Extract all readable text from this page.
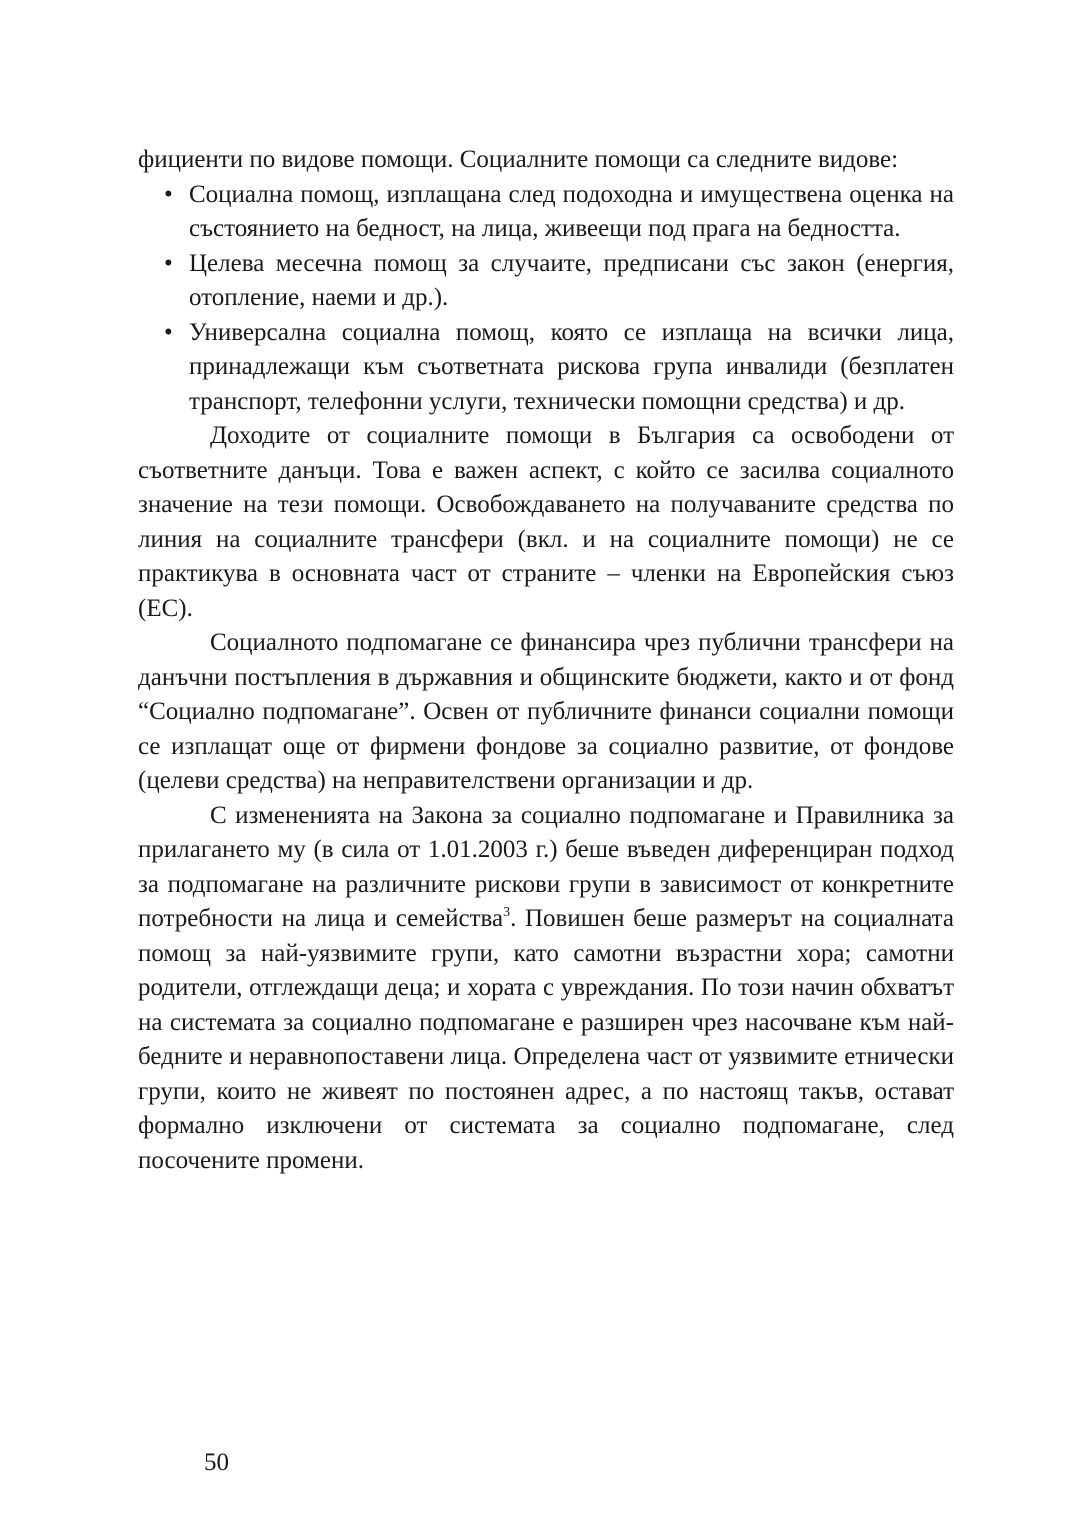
фициенти по видове помощи. Социалните помощи са следните видове:

• Социална помощ, изплащана след подоходна и имуществена оценка на състоянието на бедност, на лица, живеещи под прага на бедността.
• Целева месечна помощ за случаите, предписани със закон (енергия, отопление, наеми и др.).
• Универсална социална помощ, която се изплаща на всички лица, принадлежащи към съответната рискова група инвалиди (безплатен транспорт, телефонни услуги, технически помощни средства) и др.

Доходите от социалните помощи в България са освободени от съответните данъци. Това е важен аспект, с който се засилва социалното значение на тези помощи. Освобождаването на получаваните средства по линия на социалните трансфери (вкл. и на социалните помощи) не се практикува в основната част от страните – членки на Европейския съюз (ЕС).

Социалното подпомагане се финансира чрез публични трансфери на данъчни постъпления в държавния и общинските бюджети, както и от фонд “Социално подпомагане”. Освен от публичните финанси социални помощи се изплащат още от фирмени фондове за социално развитие, от фондове (целеви средства) на неправителствени организации и др.

С измененията на Закона за социално подпомагане и Правилника за прилагането му (в сила от 1.01.2003 г.) беше въведен диференциран подход за подпомагане на различните рискови групи в зависимост от конкретните потребности на лица и семейства$^3$. Повишен беше размерът на социалната помощ за най-уязвимите групи, като самотни възрастни хора; самотни родители, отглеждащи деца; и хората с увреждания. По този начин обхватът на системата за социално подпомагане е разширен чрез насочване към най-бедните и неравнопоставени лица. Определена част от уязвимите етнически групи, които не живеят по постоянен адрес, а по настоящ такъв, остават формално изключени от системата за социално подпомагане, след посочените промени.

50
